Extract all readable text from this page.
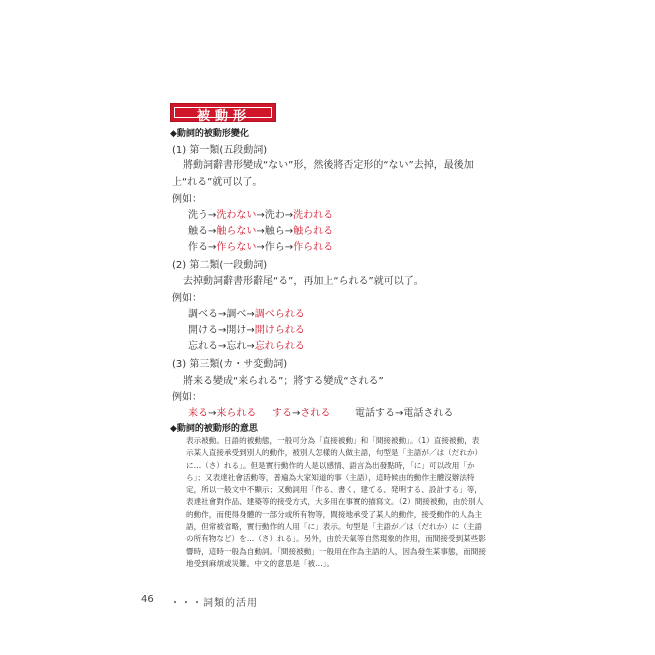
被動形
◆動詞的被動形變化
(1) 第一類(五段動詞)
將動詞辭書形變成“ない”形，然後將否定形的“ない”去掉，最後加
上“れる”就可以了。
例如：
洗う→洗わない→洗わ→洗われる
触る→触らない→触ら→触られる
作る→作らない→作ら→作られる
(2) 第二類(一段動詞)
去掉動詞辭書形辭尾“る”，再加上“られる”就可以了。
例如：
調べる→調べ→調べられる
開ける→開け→開けられる
忘れる→忘れ→忘れられる
(3) 第三類(カ・サ変動詞)
將来る變成“来られる”；將する變成“される”
例如：
来る→来られる する→される 電話する→電話される
◆動詞的被動形的意思
表示被動。日語的被動態，一般可分為「直接被動」和「間接被動」。（1）直接被動，表示某人直接承受到別人的動作，被別人怎樣的人做主語，句型是「主語が／は（だれか）に…（さ）れる」。但是實行動作的人是以感情、語言為出發點時，「に」可以改用「から」；又表達社會活動等，普遍為大家知道的事（主語），這時候由的動作主體沒辦法特定，所以一般文中不顯示；又動詞用「作る、書く、建てる、発明する、設計する」等，表達社會對作品、建築等的接受方式，大多用在事實的描寫文。（2）間接被動，由於別人的動作，而使得身體的一部分或所有物等，間接地承受了某人的動作，接受動作的人為主語，但常被省略，實行動作的人用「に」表示。句型是「主語が／は（だれか）に（主語の所有物など）を…（さ）れる」。另外，由於天氣等自然現象的作用，而間接受到某些影響時，這時一般為自動詞。「間接被動」一般用在作為主語的人，因為發生某事態，而間接地受到麻煩或災難。中文的意思是「被…」。
46 ・・・詞類的活用
